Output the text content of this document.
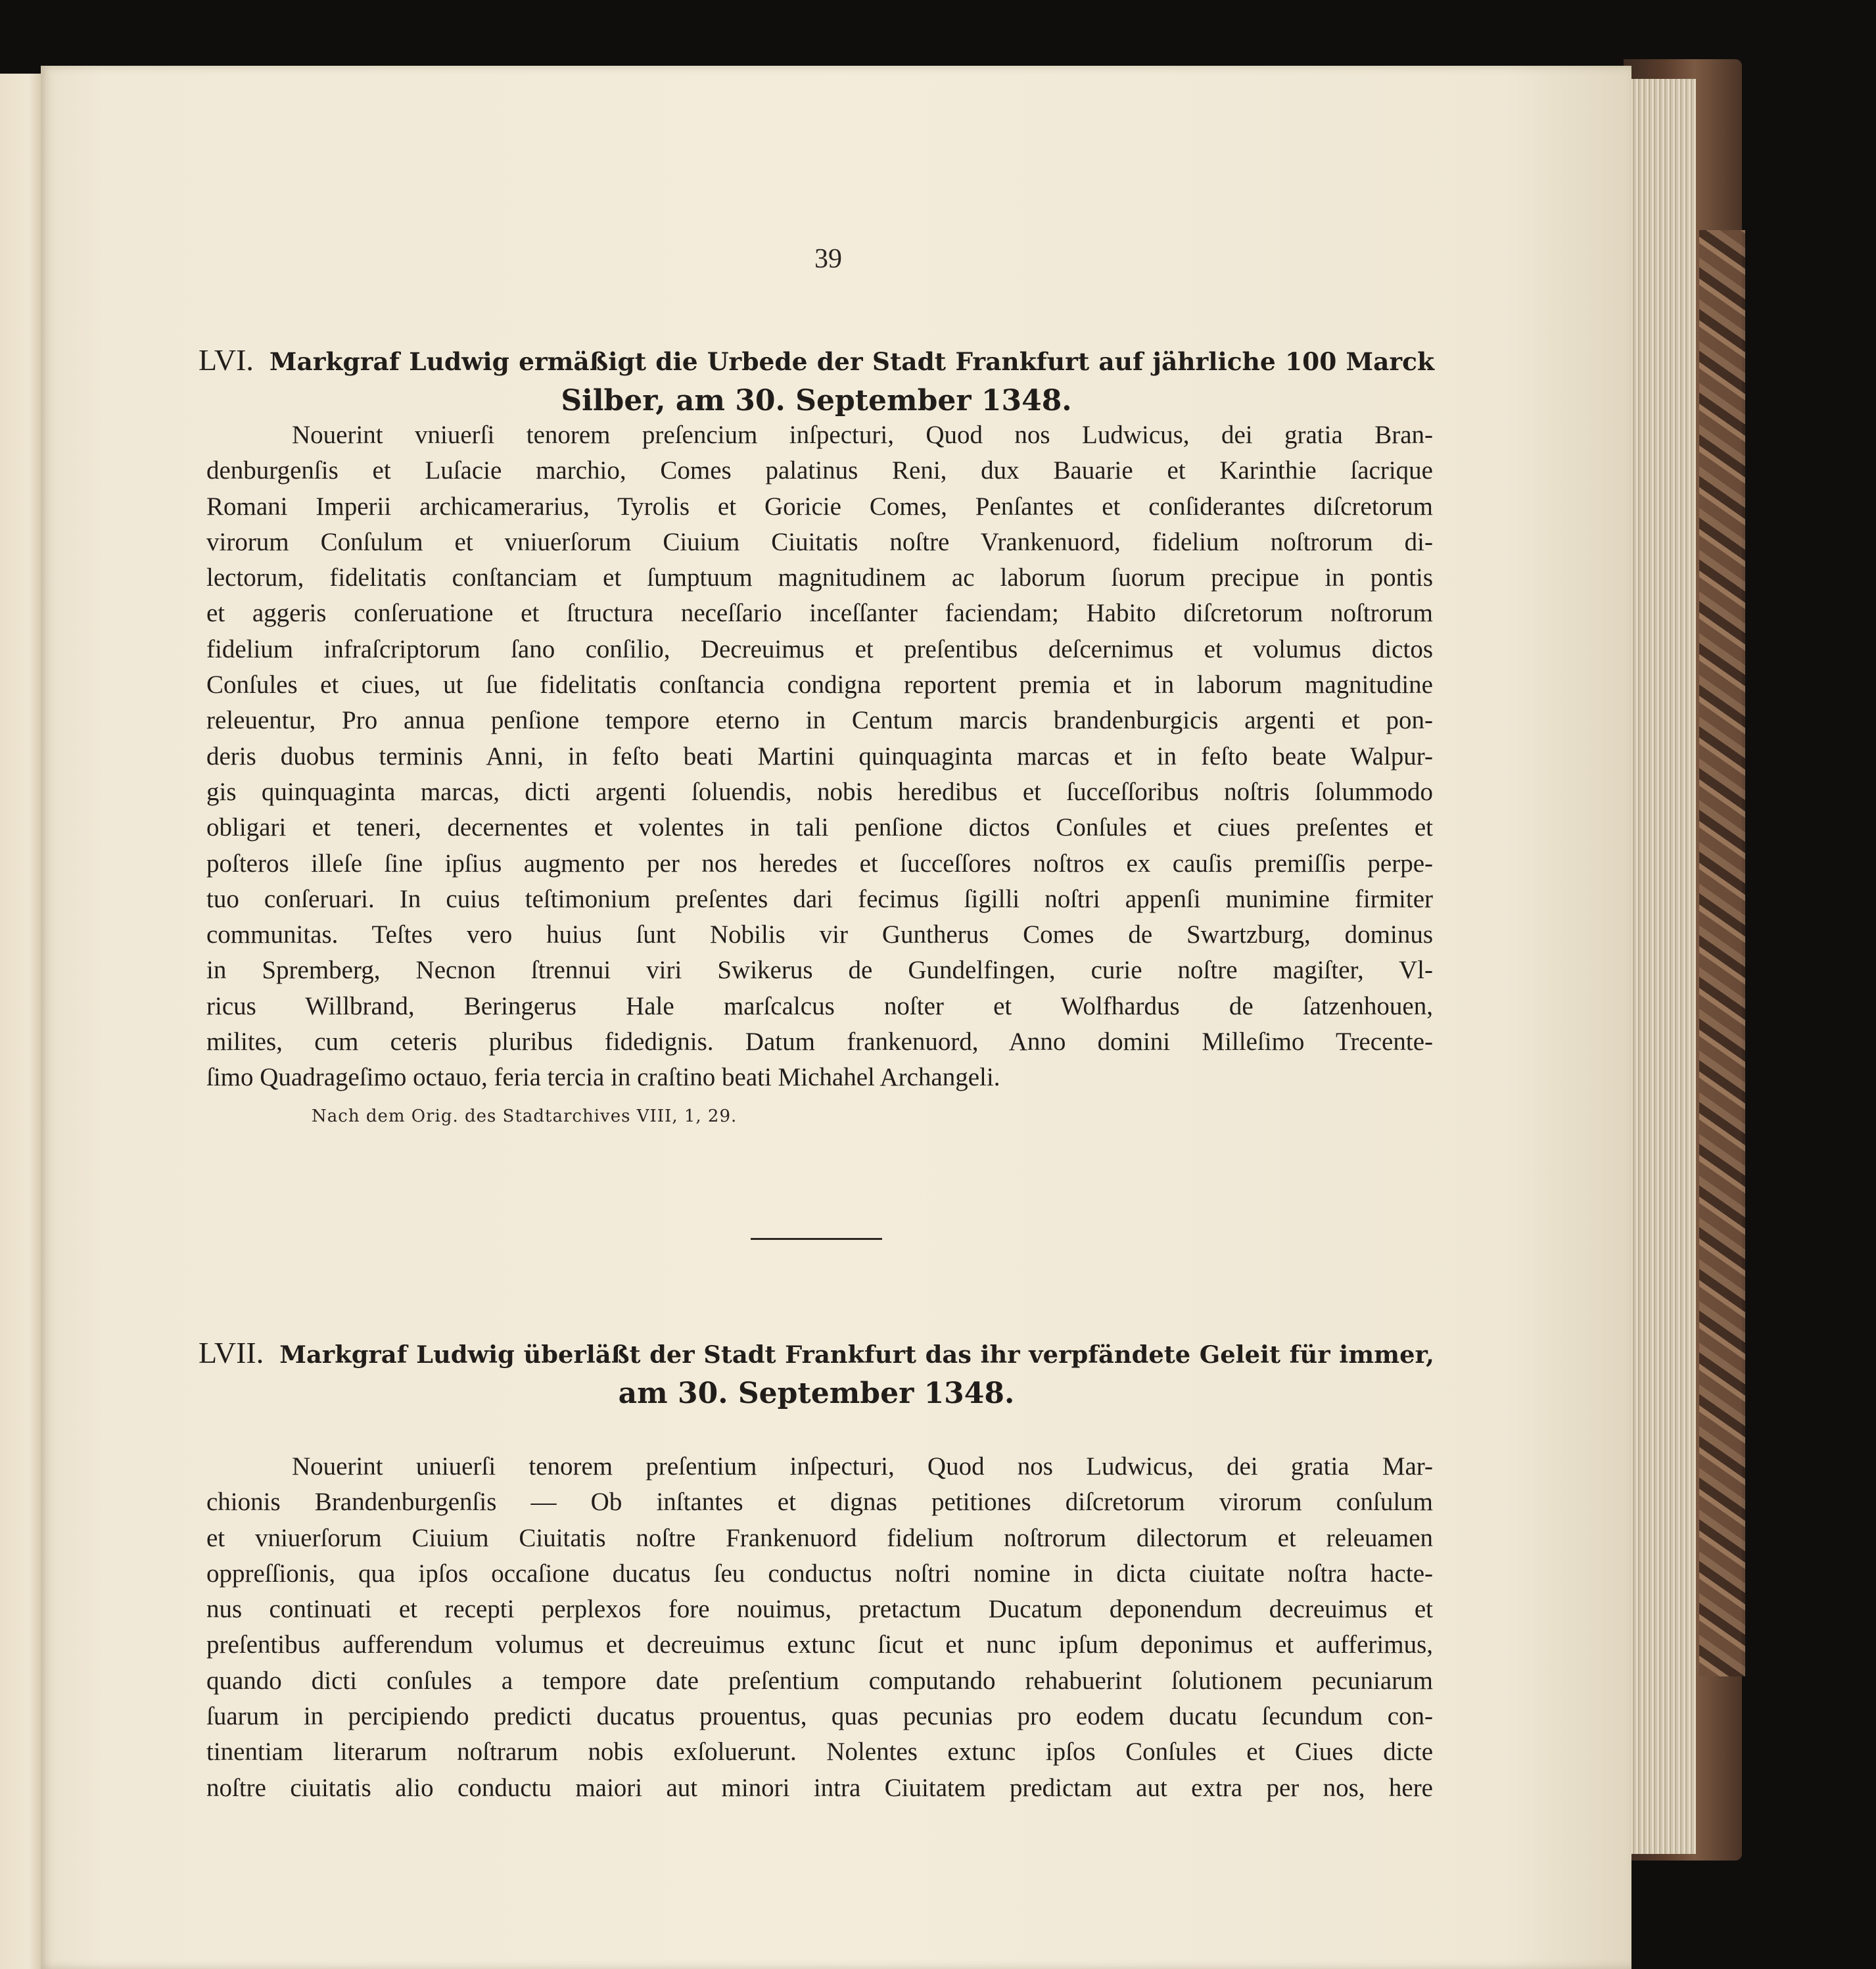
39
LVI. Markgraf Ludwig ermäßigt die Urbede der Stadt Frankfurt auf jährliche 100 Marck
Silber, am 30. September 1348.
Nouerint vniuerſi tenorem preſencium inſpecturi, Quod nos Ludwicus, dei gratia Bran-
denburgenſis et Luſacie marchio, Comes palatinus Reni, dux Bauarie et Karinthie ſacrique
Romani Imperii archicamerarius, Tyrolis et Goricie Comes, Penſantes et conſiderantes diſcretorum
virorum Conſulum et vniuerſorum Ciuium Ciuitatis noſtre Vrankenuord, fidelium noſtrorum di-
lectorum, fidelitatis conſtanciam et ſumptuum magnitudinem ac laborum ſuorum precipue in pontis
et aggeris conſeruatione et ſtructura neceſſario inceſſanter faciendam; Habito diſcretorum noſtrorum
fidelium infraſcriptorum ſano conſilio, Decreuimus et preſentibus deſcernimus et volumus dictos
Conſules et ciues, ut ſue fidelitatis conſtancia condigna reportent premia et in laborum magnitudine
releuentur, Pro annua penſione tempore eterno in Centum marcis brandenburgicis argenti et pon-
deris duobus terminis Anni, in feſto beati Martini quinquaginta marcas et in feſto beate Walpur-
gis quinquaginta marcas, dicti argenti ſoluendis, nobis heredibus et ſucceſſoribus noſtris ſolummodo
obligari et teneri, decernentes et volentes in tali penſione dictos Conſules et ciues preſentes et
poſteros illeſe ſine ipſius augmento per nos heredes et ſucceſſores noſtros ex cauſis premiſſis perpe-
tuo conſeruari. In cuius teſtimonium preſentes dari fecimus ſigilli noſtri appenſi munimine firmiter
communitas. Teſtes vero huius ſunt Nobilis vir Guntherus Comes de Swartzburg, dominus
in Spremberg, Necnon ſtrennui viri Swikerus de Gundelfingen, curie noſtre magiſter, Vl-
ricus Willbrand, Beringerus Hale marſcalcus noſter et Wolfhardus de ſatzenhouen,
milites, cum ceteris pluribus fidedignis. Datum frankenuord, Anno domini Milleſimo Trecente-
ſimo Quadrageſimo octauo, feria tercia in craſtino beati Michahel Archangeli.
Nach dem Orig. des Stadtarchives VIII, 1, 29.
LVII. Markgraf Ludwig überläßt der Stadt Frankfurt das ihr verpfändete Geleit für immer,
am 30. September 1348.
Nouerint uniuerſi tenorem preſentium inſpecturi, Quod nos Ludwicus, dei gratia Mar-
chionis Brandenburgenſis — Ob inſtantes et dignas petitiones diſcretorum virorum conſulum
et vniuerſorum Ciuium Ciuitatis noſtre Frankenuord fidelium noſtrorum dilectorum et releuamen
oppreſſionis, qua ipſos occaſione ducatus ſeu conductus noſtri nomine in dicta ciuitate noſtra hacte-
nus continuati et recepti perplexos fore nouimus, pretactum Ducatum deponendum decreuimus et
preſentibus aufferendum volumus et decreuimus extunc ſicut et nunc ipſum deponimus et aufferimus,
quando dicti conſules a tempore date preſentium computando rehabuerint ſolutionem pecuniarum
ſuarum in percipiendo predicti ducatus prouentus, quas pecunias pro eodem ducatu ſecundum con-
tinentiam literarum noſtrarum nobis exſoluerunt. Nolentes extunc ipſos Conſules et Ciues dicte
noſtre ciuitatis alio conductu maiori aut minori intra Ciuitatem predictam aut extra per nos, here
